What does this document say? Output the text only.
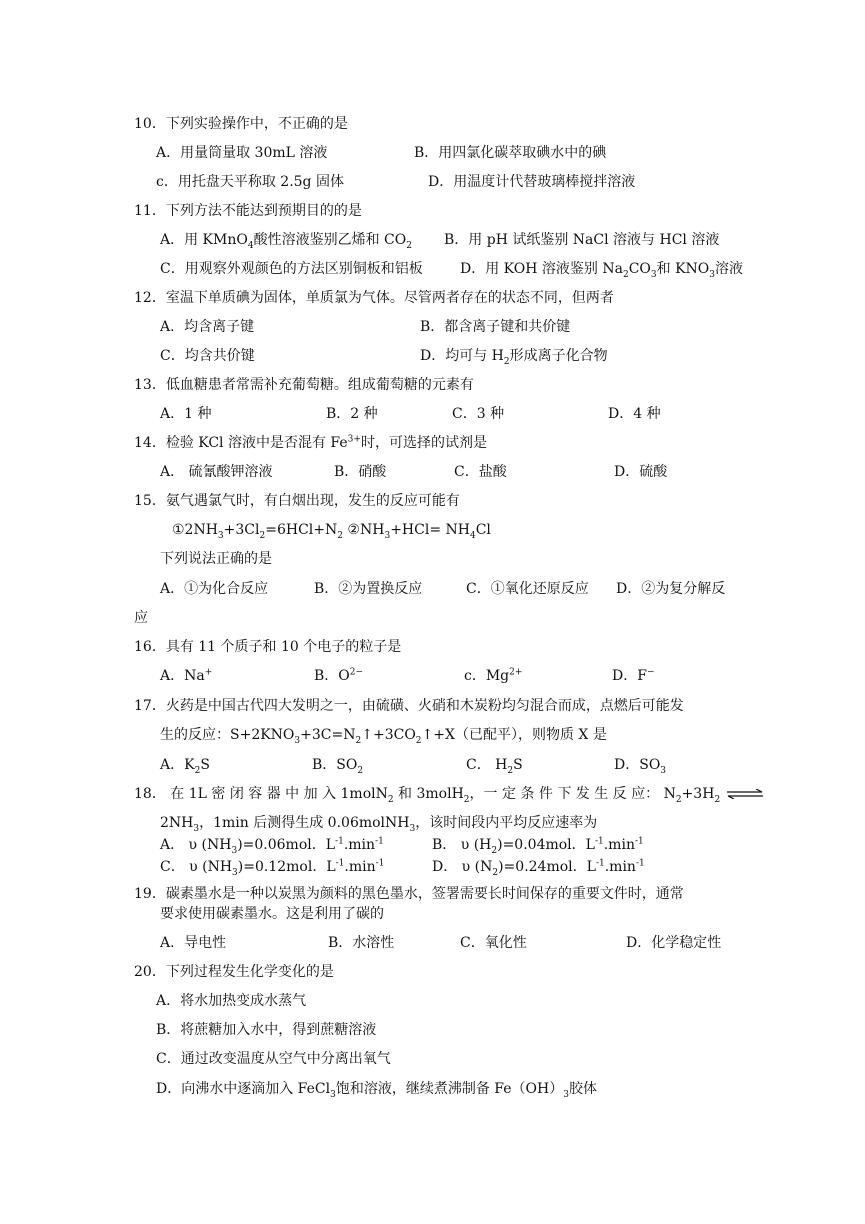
10．下列实验操作中，不正确的是
A．用量筒量取 30mL 溶液	B．用四氯化碳萃取碘水中的碘
c．用托盘天平称取 2.5g 固体	D．用温度计代替玻璃棒搅拌溶液
11．下列方法不能达到预期目的的是
A．用 KMnO$_4$酸性溶液鉴别乙烯和 $CO_2$ B．用 pH 试纸鉴别 NaCl 溶液与 HCl 溶液
C．用观察外观颜色的方法区别铜板和铝板	D．用 KOH 溶液鉴别 $Na_2CO_3$和 $KNO_3$溶液
12．室温下单质碘为固体，单质氯为气体。尽管两者存在的状态不同，但两者
A．均含离子键	B．都含离子键和共价键
C．均含共价键	D．均可与 $H_2$形成离子化合物
13．低血糖患者常需补充葡萄糖。组成葡萄糖的元素有
A．1 种	B．2 种	C．3 种	D．4 种
14．检验 KCl 溶液中是否混有 $Fe^{3+}$时，可选择的试剂是
A． 硫氰酸钾溶液	B．硝酸	C．盐酸	D．硫酸
15．氨气遇氯气时，有白烟出现，发生的反应可能有
$①2NH_3+3Cl_2=6HCl+N_2$ $②NH_3+HCl= NH_4Cl$
下列说法正确的是
A．①为化合反应	B．②为置换反应	C．①氧化还原反应 D．②为复分解反
应
16．具有 11 个质子和 10 个电子的粒子是
A．Na+	B．$O^{2-}$	c．$Mg^{2+}$	D．F−
17．火药是中国古代四大发明之一，由硫磺、火硝和木炭粉均匀混合而成，点燃后可能发
生的反应：$S+2KNO_3+3C=N_2↑+3CO_2↑+X$（已配平），则物质 X 是
A．$K_2S$	B．$SO_2$	C． $H_2S$	D．$SO_3$
18． 在 1L 密 闭 容 器 中 加 入 1molN$_2$ 和 3molH$_2$，一 定 条 件 下 发 生 反 应： $N_2+3H_2$
$2NH_3$，1min 后测得生成 0.06molNH$_3$，该时间段内平均反应速率为
A． υ $(NH_3)=0.06mol$．$L^{-1}.\min^{-1}$	B． υ $(H_2)=0.04mol$．$L^{-1}.\min^{-1}$
C． υ $(NH_3)=0.12mol$．$L^{-1}.\min^{-1}$	D． υ $(N_2)=0.24mol$．$L^{-1}.\min^{-1}$
19．碳素墨水是一种以炭黑为颜料的黑色墨水，签署需要长时间保存的重要文件时，通常
要求使用碳素墨水。这是利用了碳的
A．导电性	B．水溶性	C．氧化性	D．化学稳定性
20．下列过程发生化学变化的是
A．将水加热变成水蒸气
B．将蔗糖加入水中，得到蔗糖溶液
C．通过改变温度从空气中分离出氧气
D．向沸水中逐滴加入 FeCl$_3$饱和溶液，继续煮沸制备 $Fe(OH)_3$胶体
